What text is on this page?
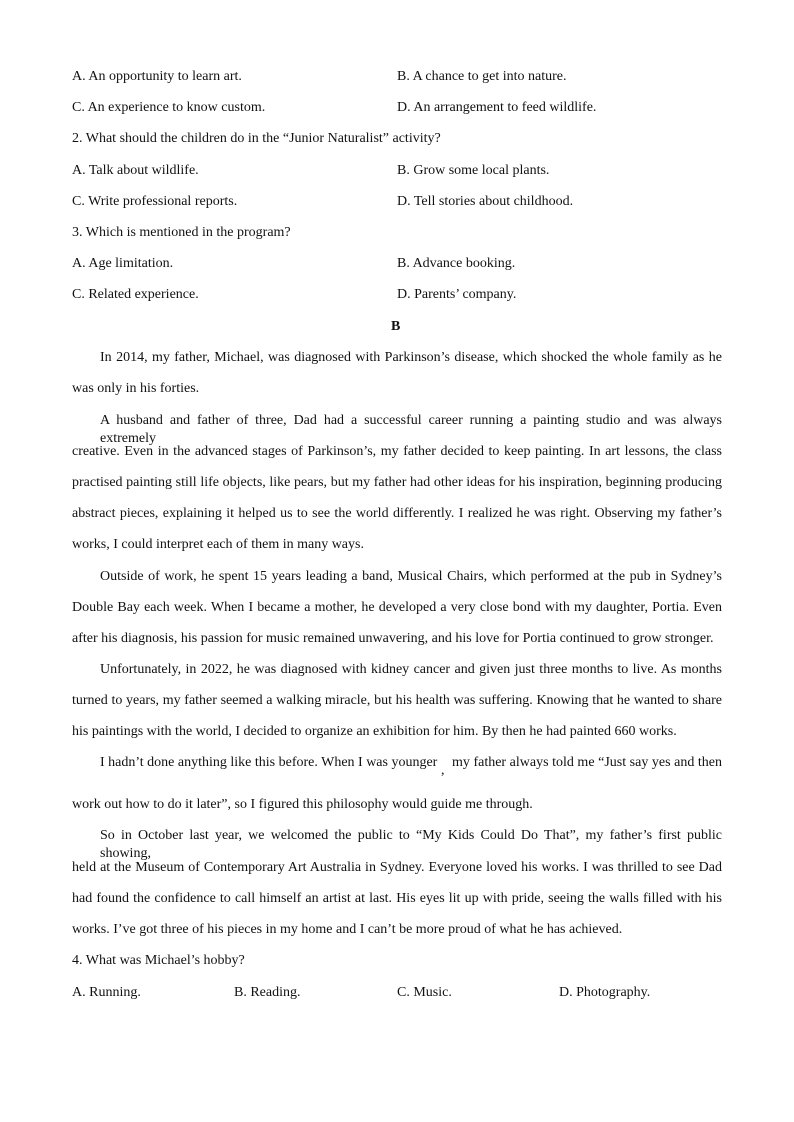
A. An opportunity to learn art.	B. A chance to get into nature.
C. An experience to know custom.	D. An arrangement to feed wildlife.
2. What should the children do in the “Junior Naturalist” activity?
A. Talk about wildlife.	B. Grow some local plants.
C. Write professional reports.	D. Tell stories about childhood.
3. Which is mentioned in the program?
A. Age limitation.	B. Advance booking.
C. Related experience.	D. Parents’ company.
B
In 2014, my father, Michael, was diagnosed with Parkinson’s disease, which shocked the whole family as he
was only in his forties.
A husband and father of three, Dad had a successful career running a painting studio and was always extremely
creative. Even in the advanced stages of Parkinson’s, my father decided to keep painting. In art lessons, the class
practised painting still life objects, like pears, but my father had other ideas for his inspiration, beginning producing
abstract pieces, explaining it helped us to see the world differently. I realized he was right. Observing my father’s
works, I could interpret each of them in many ways.
Outside of work, he spent 15 years leading a band, Musical Chairs, which performed at the pub in Sydney’s
Double Bay each week. When I became a mother, he developed a very close bond with my daughter, Portia. Even
after his diagnosis, his passion for music remained unwavering, and his love for Portia continued to grow stronger.
Unfortunately, in 2022, he was diagnosed with kidney cancer and given just three months to live. As months
turned to years, my father seemed a walking miracle, but his health was suffering. Knowing that he wanted to share
his paintings with the world, I decided to organize an exhibition for him. By then he had painted 660 works.
I hadn’t done anything like this before. When I was younger
,
my father always told me “Just say yes and then
work out how to do it later”, so I figured this philosophy would guide me through.
So in October last year, we welcomed the public to “My Kids Could Do That”, my father’s first public showing,
held at the Museum of Contemporary Art Australia in Sydney. Everyone loved his works. I was thrilled to see Dad
had found the confidence to call himself an artist at last. His eyes lit up with pride, seeing the walls filled with his
works. I’ve got three of his pieces in my home and I can’t be more proud of what he has achieved.
4. What was Michael’s hobby?
A. Running.	B. Reading.	C. Music.	D. Photography.
